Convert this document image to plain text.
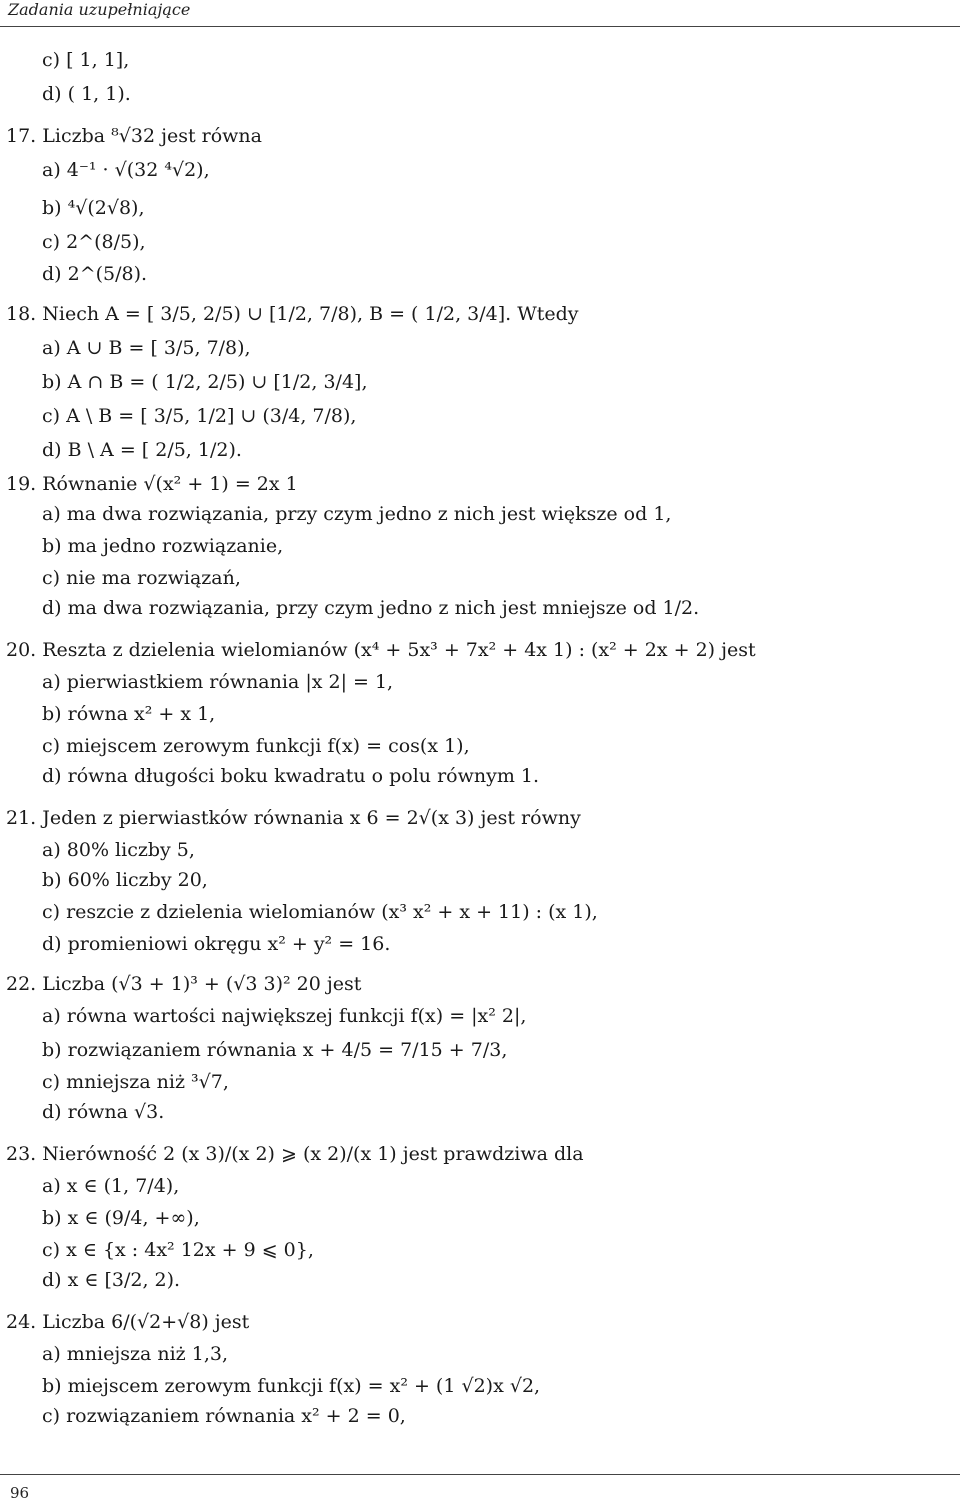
Zadania uzupełniające
c) [ 1, 1],
d) ( 1, 1).
17. Liczba ⁸√32 jest równa
a) 4⁻¹ · √(32 ⁴√2),
b) ⁴√(2√8),
c) 2^(8/5),
d) 2^(5/8).
18. Niech A = [ 3/5, 2/5) ∪ [1/2, 7/8), B = ( 1/2, 3/4]. Wtedy
a) A ∪ B = [ 3/5, 7/8),
b) A ∩ B = ( 1/2, 2/5) ∪ [1/2, 3/4],
c) A \ B = [ 3/5, 1/2] ∪ (3/4, 7/8),
d) B \ A = [ 2/5, 1/2).
19. Równanie √(x² + 1) = 2x 1
a) ma dwa rozwiązania, przy czym jedno z nich jest większe od 1,
b) ma jedno rozwiązanie,
c) nie ma rozwiązań,
d) ma dwa rozwiązania, przy czym jedno z nich jest mniejsze od 1/2.
20. Reszta z dzielenia wielomianów (x⁴ + 5x³ + 7x² + 4x 1) : (x² + 2x + 2) jest
a) pierwiastkiem równania |x 2| = 1,
b) równa x² + x 1,
c) miejscem zerowym funkcji f(x) = cos(x 1),
d) równa długości boku kwadratu o polu równym 1.
21. Jeden z pierwiastków równania x 6 = 2√(x 3) jest równy
a) 80% liczby 5,
b) 60% liczby 20,
c) reszcie z dzielenia wielomianów (x³ x² + x + 11) : (x 1),
d) promieniowi okręgu x² + y² = 16.
22. Liczba (√3 + 1)³ + (√3 3)² 20 jest
a) równa wartości największej funkcji f(x) = |x² 2|,
b) rozwiązaniem równania x + 4/5 = 7/15 + 7/3,
c) mniejsza niż ³√7,
d) równa √3.
23. Nierówność 2 (x 3)/(x 2) ⩾ (x 2)/(x 1) jest prawdziwa dla
a) x ∈ (1, 7/4),
b) x ∈ (9/4, +∞),
c) x ∈ {x : 4x² 12x + 9 ⩽ 0},
d) x ∈ [3/2, 2).
24. Liczba 6/(√2+√8) jest
a) mniejsza niż 1,3,
b) miejscem zerowym funkcji f(x) = x² + (1 √2)x √2,
c) rozwiązaniem równania x² + 2 = 0,
96
